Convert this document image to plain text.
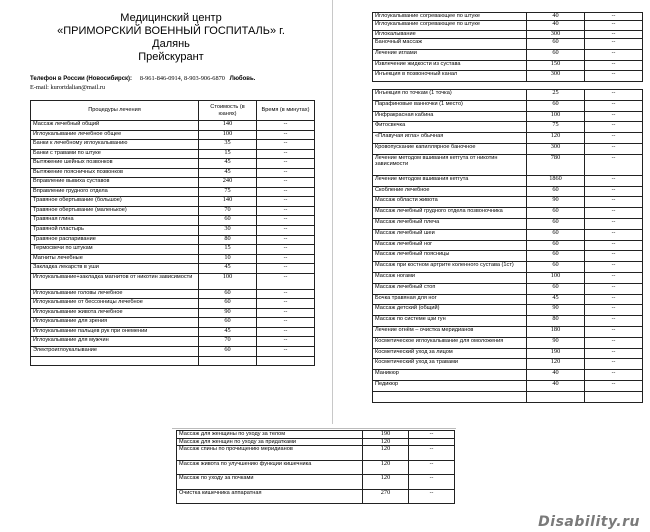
Медицинский центр
«ПРИМОРСКИЙ ВОЕННЫЙ ГОСПИТАЛЬ» г.
Далянь
Прейскурант
Телефон в России (Новосибирск): 8-961-846-0914, 8-903-906-6870 Любовь.
E-mail: kurortdalian@mail.ru
Процедуры лечения	Стоимость (в юанях)	Время (в минутах)
Массаж лечебный общий	140	--
Иглоукалывание лечебное общее	100	--
Банки к лечебному иглоукалыванию	35	--
Банки с травами по штуке	15	--
Вытяжение шейных позвонков	45	--
Вытяжение поясничных позвонков	45	--
Вправление вывиха суставов	240	--
Вправление грудного отдела	75	--
Травяное обертывание (большое)	140	--
Травяное обертывание (маленькое)	70	--
Травяная глина	60	--
Травяной пластырь	30	--
Травяное распаривание	80	--
Термосвечи по штукам	15	--
Магниты лечебные	10	--
Закладка лекарств в уши	45	--
Иглоукалывание+закладка магнитов от никотин зависимости	100	--
Иглоукалывание головы лечебное	60	--
Иглоукалывание от бессонницы лечебное	60	--
Иглоукалывание живота лечебное	90	--
Иглоукалывание для зрения	60	--
Иглоукалывание пальцев рук при онемении	45	--
Иглоукалывание для мужчин	70	--
Электроиглоукалывание	60	--

Иглоукалывание согревающее по штуке	40	--
Иглоукалывание согревающее по штуке	40	--
Иглокалывание	300	--
Баночный массаж	60	--
Лечение иглами	60	--
Извлечение жидкости из сустава	150	--
Инъекция в позвоночный канал	300	--
Инъекция по точкам (1 точка)	25	--
Парафиновые ванночки (1 место)	60	--
Инфракрасная кабина	100	--
Фитосвечка	75	--
«Плавучая игла» обычная	120	--
Кровопускание капиллярное баночное	300	--
Лечение методом вшивания кетгута от никотин зависимости	780	--
Лечение методом вшивания кетгута	1860	--
Скоблениe лечебное	60	--
Массаж области живота	90	--
Массаж лечебный грудного отдела позвоночника	60	--
Массаж лечебный плеча	60	--
Массаж лечебный шеи	60	--
Массаж лечебный ног	60	--
Массаж лечебный поясницы	60	--
Массаж при костном артрите коленного сустава (1ст)	60	--
Массаж ногами	100	--
Массаж лечебный стоп	60	--
Бочка травяная для ног	45	--
Массаж детский (общий)	90	--
Массаж по системе цзи гун	80	--
Лечение огнём – очистка меридианов	180	--
Косметическое иглоукалывание для омоложения	90	--
Косметический уход за лицом	190	--
Косметический уход за травами	120	--
Маникюр	40	--
Педикюр	40	--

Массаж для женщины по уходу за телом	190	--
Массаж для женщин по уходу за придатками	120	
Массаж спины по прочищению меридианов	120	--
Массаж живота по улучшению функции кишечника	120	--
Массаж по уходу за почками	120	--
Очистка кишечника аппаратная	270	--
Disability.ru
